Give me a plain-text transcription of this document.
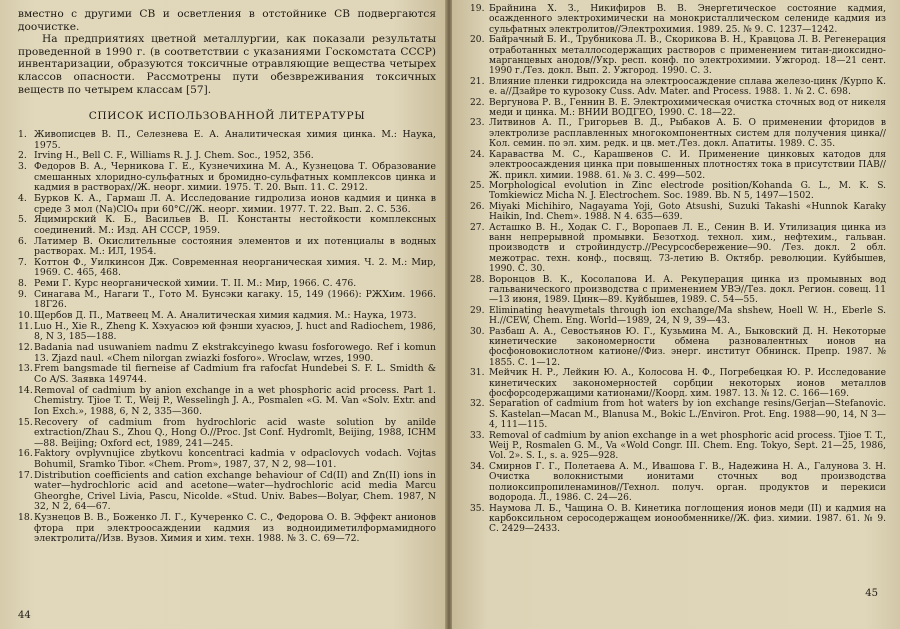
вместно с другими СВ и осветления в отстойнике СВ подвергаются доочистке.

На предприятиях цветной металлургии, как показали результаты проведенной в 1990 г. (в соответствии с указаниями Госкомстата СССР) инвентаризации, образуются токсичные отравляющие вещества четырех классов опасности. Рассмотрены пути обезвреживания токсичных веществ по четырем классам [57].

СПИСОК ИСПОЛЬЗОВАННОЙ ЛИТЕРАТУРЫ
1. Живописцев В. П., Селезнева Е. А. Аналитическая химия цинка. М.: Наука, 1975.
2. Irving H., Bell C. F., Williams R. J. J. Chem. Soc., 1952, 356.
3. Федоров В. А., Черникова Г. Е., Кузнечихина М. А., Кузнецова Т. Образование смешанных хлоридно-сульфатных и бромидно-сульфатных комплексов цинка и кадмия в растворах//Ж. неорг. химии. 1975. Т. 20. Вып. 11. С. 2912.
4. Бурков К. А., Гармаш Л. А. Исследование гидролиза ионов кадмия и цинка в среде 3 мол (Na)ClO₄ при 60°С//Ж. неорг. химии. 1977. Т. 22. Вып. 2. С. 536.
5. Яцимирский К. Б., Васильев В. П. Константы нестойкости комплексных соединений. М.: Изд. АН СССР, 1959.
6. Латимер В. Окислительные состояния элементов и их потенциалы в водных растворах. М.: ИЛ, 1954.
7. Коттон Ф., Уилкинсон Дж. Современная неорганическая химия. Ч. 2. М.: Мир, 1969. С. 465, 468.
8. Реми Г. Курс неорганической химии. Т. II. М.: Мир, 1966. С. 476.
9. Синагава М., Нагаги Т., Гото М. Бунсэки кагаку. 15, 149 (1966): РЖХим. 1966. 18Г26.
10. Щербов Д. П., Матвеец М. А. Аналитическая химия кадмия. М.: Наука, 1973.
11. Luo H., Xie R., Zheng K. Хэхуасюэ юй фэнши хуасюэ, J. huct and Radiochem, 1986, 8, N 3, 185—188.
12. Badania nad usuwaniem nadmu Z ekstrakcyinego kwasu fosforowego. Ref i komun 13. Zjazd naul. «Chem nilorgan zwiazki fosforo». Wroclaw, wrzes, 1990.
13. Frem bangsmade til fierneise af Cadmium fra rafocfat Hundebei S. F. L. Smidth & Co A/S. Заявка 149744.
14. Removal of cadmium by anion exchange in a wet phosphoric acid process. Part 1. Chemistry. Tjioe T. T., Weij P., Wesselingh J. A., Posmalen «G. M. Van «Solv. Extr. and Ion Exch.», 1988, 6, N 2, 335—360.
15. Recovery of cadmium from hydrochloric acid waste solution by anilde extraction/Zhau S., Zhou Q., Hong O.//Proc. Jst Conf. Hydromlt, Beijing, 1988, ICHM—88. Beijing; Oxford ect, 1989, 241—245.
16. Faktory ovplyvnujice zbytkovu koncentraci kadmia v odpaclovych vodach. Vojtas Bohumil, Sramko Tibor. «Chem. Prom», 1987, 37, N 2, 98—101.
17. Distribution coefficients and cation exchange behaviour of Cd(II) and Zn(II) ions in water—hydrochloric acid and acetone—water—hydrochloric acid media Marcu Gheorghe, Crivel Livia, Pascu, Nicolde. «Stud. Univ. Babes—Bolyar, Chem. 1987, N 32, N 2, 64—67.
18. Кузнецов В. В., Боженко Л. Г., Кучеренко С. С., Федорова О. В. Эффект анионов фтора при электроосаждении кадмия из водноидиметилформамидного электролита//Изв. Вузов. Химия и хим. техн. 1988. № 3. С. 69—72.
44
19. Брайнина Х. З., Никифиров В. В. Энергетическое состояние кадмия, осажденного электрохимически на монокристаллическом селениде кадмия из сульфатных электролитов//Электрохимия. 1989. 25. № 9. С. 1237—1242.
20. Байрачный Б. И., Трубникова Л. В., Скорикова В. Н., Кравцова Л. В. Регенерация отработанных металлосодержащих растворов с применением титан-диоксидно-марганцевых анодов//Укр. респ. конф. по электрохимии. Ужгород. 18—21 сент. 1990 г./Тез. докл. Вып. 2. Ужгород. 1990. С. 3.
21. Влияние пленки гидроксида на электроосаждение сплава железо-цинк /Курпо К. е. а//Дзайре то курозоку Cuss. Adv. Mater. and Process. 1988. 1. № 2. С. 698.
22. Вергунова Р. В., Геннин В. Е. Электрохимическая очистка сточных вод от никеля меди и цинка. М.: ВНИИ ВОДГЕО, 1990. С. 18—22.
23. Литвинов А. П., Григорьев В. Д., Рыбаков А. Б. О применении фторидов в электролизе расплавленных многокомпонентных систем для получения цинка//Кол. семин. по эл. хим. редк. и цв. мет./Тез. докл. Апатиты. 1989. С. 35.
24. Караваства М. С., Карашвенов С. И. Применение цинковых катодов для электроосаждения цинка при повышенных плотностях тока в присутствии ПАВ//Ж. прикл. химии. 1988. 61. № 3. С. 499—502.
25. Morphological evolution in Zinc electrode position/Kohanda G. L., M. K. S. Tomkiewicz Micha N. J. Electrochem. Soc. 1989. Bb. N 5, 1497—1502.
26. Miyaki Michihiro, Nagayama Yoji, Goto Atsushi, Suzuki Takashi «Hunnok Karaky Haikin, Ind. Chem». 1988. N 4. 635—639.
27. Асташко В. Н., Ходак С. Г., Воропаев Л. Е., Сенин В. И. Утилизация цинка из ванн непрерывной промывки. Безотход. технол. хим., нефтехим., гальван. производств и стройиндустр.//Ресурсосбережение—90. /Тез. докл. 2 обл. межотрас. техн. конф., посвящ. 73-летию В. Октябр. революции. Куйбышев, 1990. С. 30.
28. Воронцов В. К., Косолапова И. А. Рекуперация цинка из промывных вод гальванического производства с применением УВЭ//Тез. докл. Регион. совещ. 11—13 июня, 1989. Цинк—89. Куйбышев, 1989. С. 54—55.
29. Eliminating heavymetals through ion exchange/Ma shshew, Hoell W. H., Eberle S. H.//CEW, Chem. Eng. World—1989, 24, N 9, 39—43.
30. Разбаш А. А., Севостьянов Ю. Г., Кузьмина М. А., Быковский Д. Н. Некоторые кинетические закономерности обмена разновалентных ионов на фосфоновокислотном катионе//Физ. энерг. институт Обнинск. Препр. 1987. № 1855. С. 1—12.
31. Мейчик Н. Р., Лейкин Ю. А., Колосова Н. Ф., Погребецкая Ю. Р. Исследование кинетических закономерностей сорбции некоторых ионов металлов фосфорсодержащими катионами//Коорд. хим. 1987. 13. № 12. С. 166—169.
32. Separation of cadmium from hot waters by ion exchange resins/Gerjan—Stefanovic. S. Kastelan—Macan M., Blanusa M., Bokic L./Environ. Prot. Eng. 1988—90, 14, N 3—4, 111—115.
33. Removal of cadmium by anion exchange in a wet phosphoric acid process. Tjioe T. T., Weij P., Rosmalen G. M., Va «Wold Congr. III. Chem. Eng. Tokyo, Sept. 21—25, 1986, Vol. 2». S. I., s. a. 925—928.
34. Смирнов Г. Г., Полетаева А. М., Ивашова Г. В., Надежина Н. А., Галунова З. Н. Очистка волокнистыми ионитами сточных вод производства полиоксипропиленаминов//Технол. получ. орган. продуктов и перекиси водорода. Л., 1986. С. 24—26.
35. Наумова Л. Б., Чащина О. В. Кинетика поглощения ионов меди (II) и кадмия на карбоксильном серосодержащем ионообменнике//Ж. физ. химии. 1987. 61. № 9. С. 2429—2433.
45
